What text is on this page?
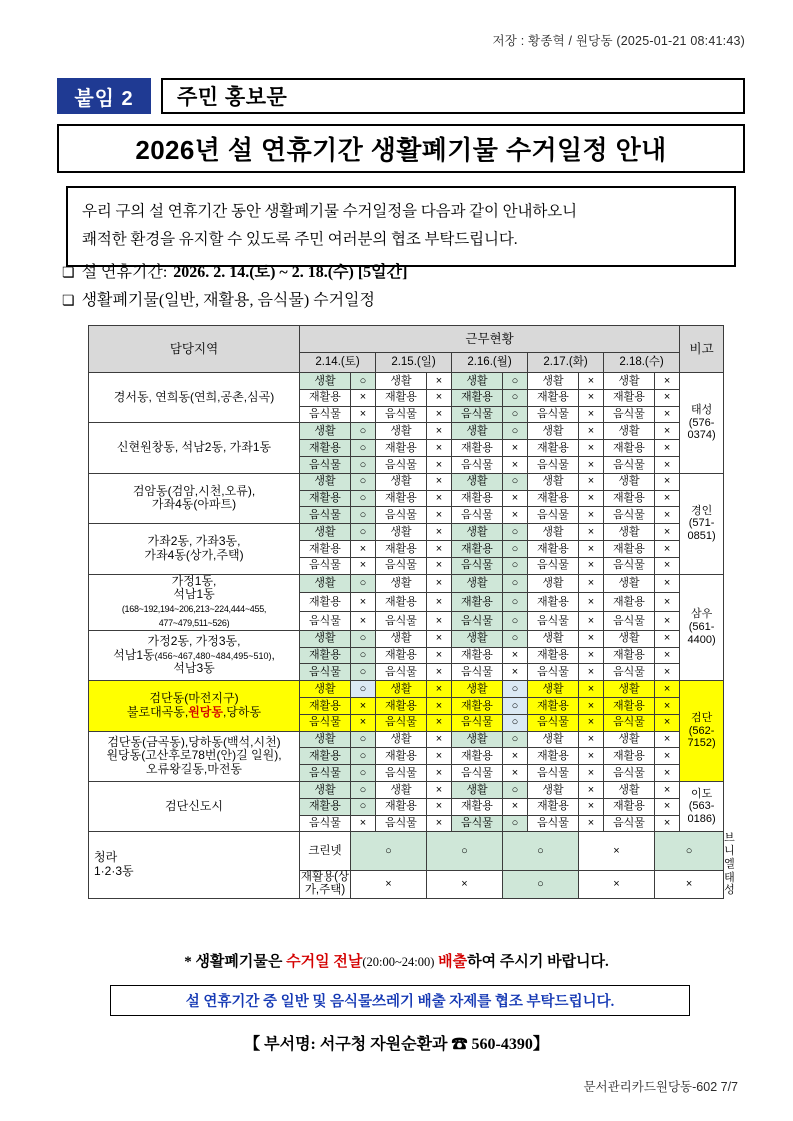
저장 : 황종혁 / 원당동 (2025-01-21 08:41:43)
붙임 2	주민 홍보문
2026년 설 연휴기간 생활폐기물 수거일정 안내
우리 구의 설 연휴기간 동안 생활폐기물 수거일정을 다음과 같이 안내하오니
쾌적한 환경을 유지할 수 있도록 주민 여러분의 협조 부탁드립니다.
❏ 설 연휴기간: 2026. 2. 14.(토) ~ 2. 18.(수) [5일간]
❏ 생활폐기물(일반, 재활용, 음식물) 수거일정
담당지역	근무현황										비고	
	2.14.(토)		2.15.(일)		2.16.(월)		2.17.(화)		2.18.(수)			
경서동, 연희동(연희,공촌,심곡)	생활	○	생활	×	생활	○	생활	×	생활	×	태성
(576-
0374)	
	재활용	×	재활용	×	재활용	○	재활용	×	재활용	×		
	음식물	×	음식물	×	음식물	○	음식물	×	음식물	×		
신현원창동, 석남2동, 가좌1동	생활	○	생활	×	생활	○	생활	×	생활	×		
	재활용	○	재활용	×	재활용	×	재활용	×	재활용	×		
	음식물	○	음식물	×	음식물	×	음식물	×	음식물	×		
검암동(검암,시천,오류),
가좌4동(아파트)	생활	○	생활	×	생활	○	생활	×	생활	×	경인
(571-
0851)	
	재활용	○	재활용	×	재활용	×	재활용	×	재활용	×		
	음식물	○	음식물	×	음식물	×	음식물	×	음식물	×		
가좌2동, 가좌3동,
가좌4동(상가,주택)	생활	○	생활	×	생활	○	생활	×	생활	×		
	재활용	×	재활용	×	재활용	○	재활용	×	재활용	×		
	음식물	×	음식물	×	음식물	○	음식물	×	음식물	×		
가정1동,
석남1동
(168~192,194~206,213~224,444~455,
477~479,511~526)	생활	○	생활	×	생활	○	생활	×	생활	×	삼우
(561-
4400)	
	재활용	×	재활용	×	재활용	○	재활용	×	재활용	×		
	음식물	×	음식물	×	음식물	○	음식물	×	음식물	×		
가정2동, 가정3동,
석남1동(456~467,480~484,495~510),
석남3동	생활	○	생활	×	생활	○	생활	×	생활	×		
	재활용	○	재활용	×	재활용	×	재활용	×	재활용	×		
	음식물	○	음식물	×	음식물	×	음식물	×	음식물	×		
검단동(마전지구)
불로대곡동,원당동,당하동	생활	○	생활	×	생활	○	생활	×	생활	×	검단
(562-
7152)	
	재활용	×	재활용	×	재활용	○	재활용	×	재활용	×		
	음식물	×	음식물	×	음식물	○	음식물	×	음식물	×		
검단동(금곡동),당하동(백석,시천)
원당동(고산후로78번(안)길 일원),
오류왕길동,마전동	생활	○	생활	×	생활	○	생활	×	생활	×		
	재활용	○	재활용	×	재활용	×	재활용	×	재활용	×		
	음식물	○	음식물	×	음식물	×	음식물	×	음식물	×		
검단신도시	생활	○	생활	×	생활	○	생활	×	생활	×	이도
(563-
0186)	
	재활용	○	재활용	×	재활용	×	재활용	×	재활용	×		
	음식물	×	음식물	×	음식물	○	음식물	×	음식물	×		
청라
1·2·3동	크린넷	○		○		○		×		○		브니엘
	재활용(상가,주택)	×		×		○		×		×		태성
* 생활폐기물은 수거일 전날(20:00~24:00) 배출하여 주시기 바랍니다.
설 연휴기간 중 일반 및 음식물쓰레기 배출 자제를 협조 부탁드립니다.
【 부서명: 서구청 자원순환과 ☎ 560-4390】
문서관리카드원당동-602 7/7
